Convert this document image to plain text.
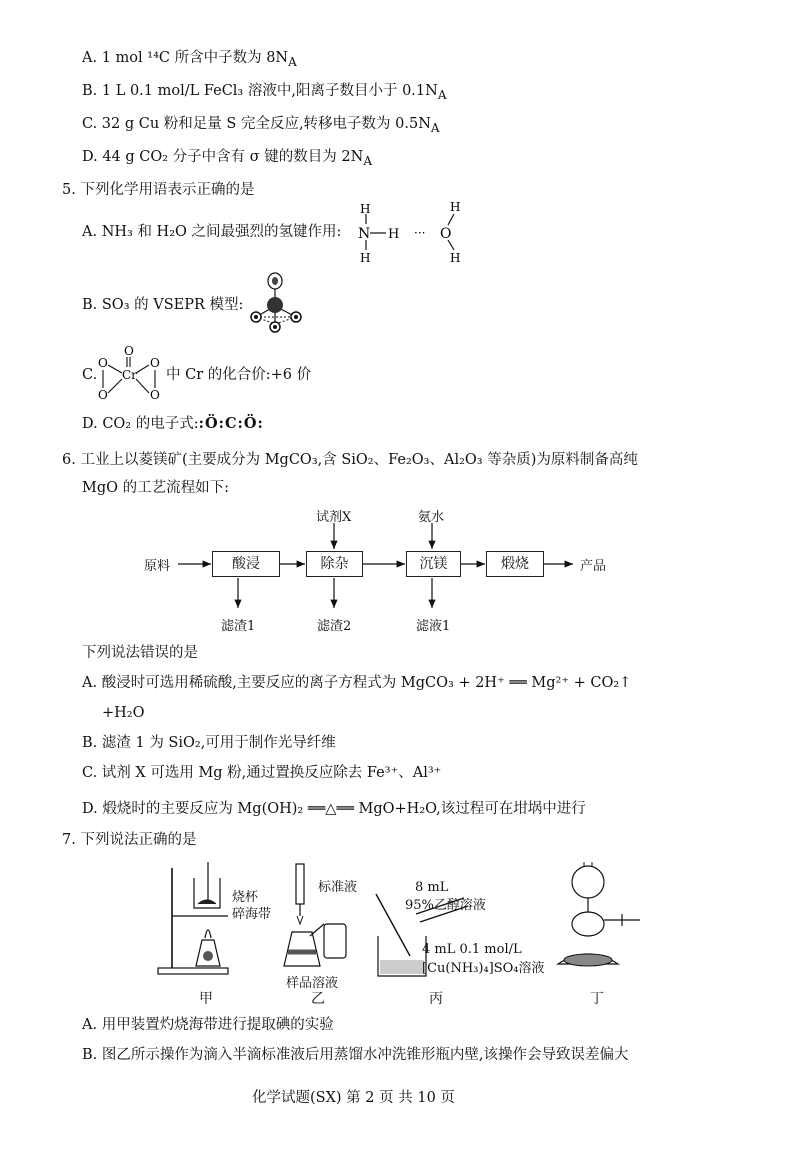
A. 1 mol ¹⁴C 所含中子数为 $8N_A$
B. 1 L 0.1 mol/L FeCl₃ 溶液中,阳离子数目小于 $0.1N_A$
C. 32 g Cu 粉和足量 S 完全反应,转移电子数为 $0.5N_A$
D. 44 g CO₂ 分子中含有 σ 键的数目为 $2N_A$
5. 下列化学用语表示正确的是
A. NH₃ 和 H₂O 之间最强烈的氢键作用: N H
H
H
··· O
H
H
B. SO₃ 的 VSEPR 模型:
C.
O
Cr
O
O
O
O
中 Cr 的化合价:+6 价
D. CO₂ 的电子式::Ö:C:Ö:
6. 工业上以菱镁矿(主要成分为 MgCO₃,含 SiO₂、Fe₂O₃、Al₂O₃ 等杂质)为原料制备高纯
MgO 的工艺流程如下:
原料	酸浸	除杂	沉镁	煅烧	产品
试剂X	氨水
滤渣1	滤渣2	滤液1
下列说法错误的是
A. 酸浸时可选用稀硫酸,主要反应的离子方程式为 MgCO₃ + 2H⁺ ══ Mg²⁺ + CO₂↑
+H₂O
B. 滤渣 1 为 SiO₂,可用于制作光导纤维
C. 试剂 X 可选用 Mg 粉,通过置换反应除去 Fe³⁺、Al³⁺
D. 煅烧时的主要反应为 Mg(OH)₂ ══△══ MgO+H₂O,该过程可在坩埚中进行
7. 下列说法正确的是
烧杯
碎海带
标准液
样品溶液
8 mL
95%乙醇溶液
4 mL 0.1 mol/L
[Cu(NH₃)₄]SO₄溶液
甲	乙	丙	丁
A. 用甲装置灼烧海带进行提取碘的实验
B. 图乙所示操作为滴入半滴标准液后用蒸馏水冲洗锥形瓶内壁,该操作会导致误差偏大
化学试题(SX) 第 2 页 共 10 页
